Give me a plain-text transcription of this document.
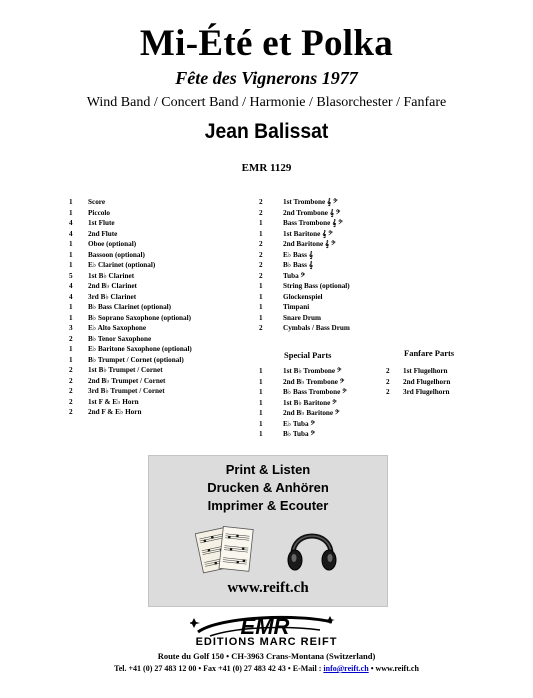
Mi-Été et Polka
Fête des Vignerons 1977
Wind Band / Concert Band / Harmonie / Blasorchester / Fanfare
Jean Balissat
EMR 1129
1 Score
1 Piccolo
4 1st Flute
4 2nd Flute
1 Oboe (optional)
1 Bassoon (optional)
1 E♭ Clarinet (optional)
5 1st B♭ Clarinet
4 2nd B♭ Clarinet
4 3rd B♭ Clarinet
1 B♭ Bass Clarinet (optional)
1 B♭ Soprano Saxophone (optional)
3 E♭ Alto Saxophone
2 B♭ Tenor Saxophone
1 E♭ Baritone Saxophone (optional)
1 B♭ Trumpet / Cornet (optional)
2 1st B♭ Trumpet / Cornet
2 2nd B♭ Trumpet / Cornet
2 3rd B♭ Trumpet / Cornet
2 1st F & E♭ Horn
2 2nd F & E♭ Horn
2	1st Trombone 𝄞 𝄢
2	2nd Trombone 𝄞 𝄢
1	Bass Trombone 𝄞 𝄢
1	1st Baritone 𝄞 𝄢
2	2nd Baritone 𝄞 𝄢
2	E♭ Bass 𝄞
2	B♭ Bass 𝄞
2	Tuba 𝄢
1	String Bass (optional)
1	Glockenspiel
1	Timpani
1	Snare Drum
2	Cymbals / Bass Drum
Special Parts
1	1st B♭ Trombone 𝄢
1	2nd B♭ Trombone 𝄢
1	B♭ Bass Trombone 𝄢
1	1st B♭ Baritone 𝄢
1	2nd B♭ Baritone 𝄢
1	E♭ Tuba 𝄢
1	B♭ Tuba 𝄢
Fanfare Parts
2 1st Flugelhorn
2 2nd Flugelhorn
2 3rd Flugelhorn
Print & Listen
Drucken & Anhören
Imprimer & Ecouter
www.reift.ch
EMR
EDITIONS MARC REIFT
Route du Golf 150 • CH-3963 Crans-Montana (Switzerland)
Tel. +41 (0) 27 483 12 00 • Fax +41 (0) 27 483 42 43 • E-Mail : info@reift.ch • www.reift.ch
